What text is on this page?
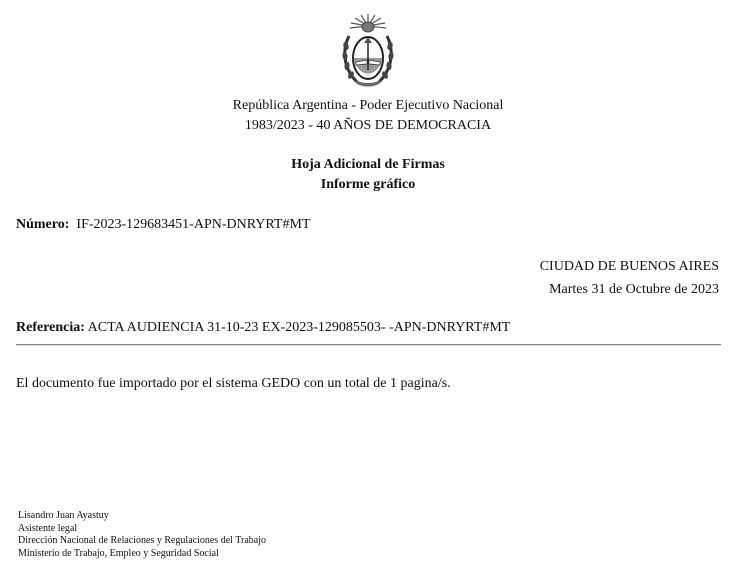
República Argentina - Poder Ejecutivo Nacional
1983/2023 - 40 AÑOS DE DEMOCRACIA
Hoja Adicional de Firmas
Informe gráfico
Número: IF-2023-129683451-APN-DNRYRT#MT
CIUDAD DE BUENOS AIRES
Martes 31 de Octubre de 2023
Referencia: ACTA AUDIENCIA 31-10-23 EX-2023-129085503- -APN-DNRYRT#MT
El documento fue importado por el sistema GEDO con un total de 1 pagina/s.
Lisandro Juan Ayastuy
Asistente legal
Dirección Nacional de Relaciones y Regulaciones del Trabajo
Ministerio de Trabajo, Empleo y Seguridad Social
